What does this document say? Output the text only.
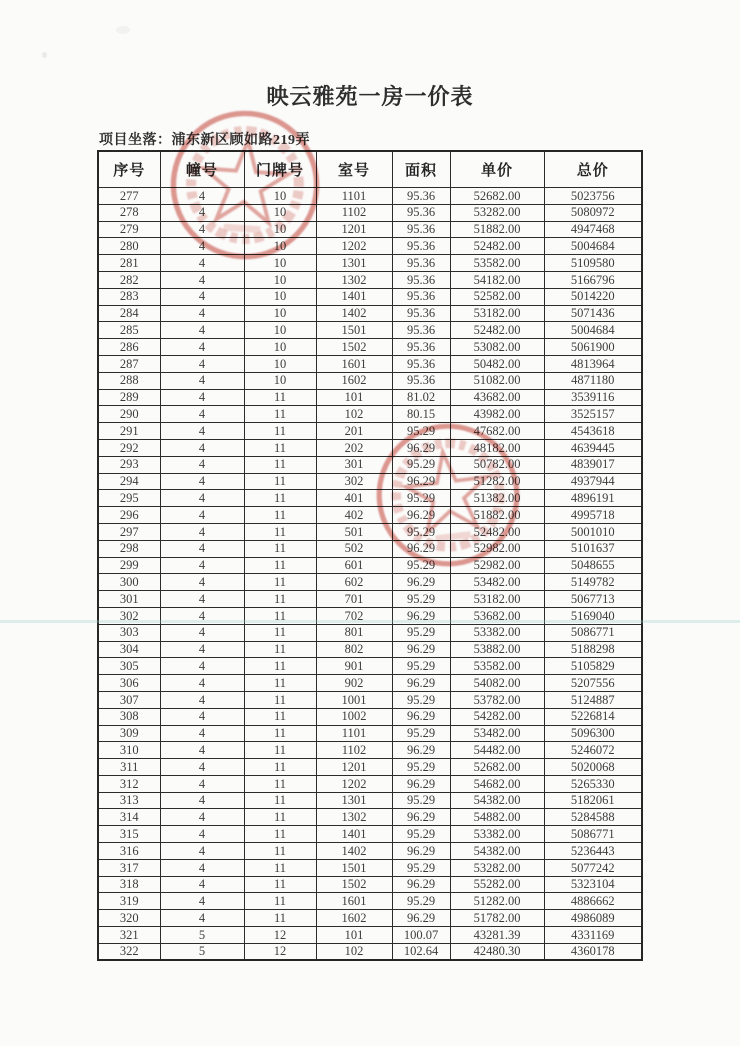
映云雅苑一房一价表
项目坐落：浦东新区顾如路219弄
序号	幢号	门牌号	室号	面积	单价	总价
277	4	10	1101	95.36	52682.00	5023756
278	4	10	1102	95.36	53282.00	5080972
279	4	10	1201	95.36	51882.00	4947468
280	4	10	1202	95.36	52482.00	5004684
281	4	10	1301	95.36	53582.00	5109580
282	4	10	1302	95.36	54182.00	5166796
283	4	10	1401	95.36	52582.00	5014220
284	4	10	1402	95.36	53182.00	5071436
285	4	10	1501	95.36	52482.00	5004684
286	4	10	1502	95.36	53082.00	5061900
287	4	10	1601	95.36	50482.00	4813964
288	4	10	1602	95.36	51082.00	4871180
289	4	11	101	81.02	43682.00	3539116
290	4	11	102	80.15	43982.00	3525157
291	4	11	201	95.29	47682.00	4543618
292	4	11	202	96.29	48182.00	4639445
293	4	11	301	95.29	50782.00	4839017
294	4	11	302	96.29	51282.00	4937944
295	4	11	401	95.29	51382.00	4896191
296	4	11	402	96.29	51882.00	4995718
297	4	11	501	95.29	52482.00	5001010
298	4	11	502	96.29	52982.00	5101637
299	4	11	601	95.29	52982.00	5048655
300	4	11	602	96.29	53482.00	5149782
301	4	11	701	95.29	53182.00	5067713
302	4	11	702	96.29	53682.00	5169040
303	4	11	801	95.29	53382.00	5086771
304	4	11	802	96.29	53882.00	5188298
305	4	11	901	95.29	53582.00	5105829
306	4	11	902	96.29	54082.00	5207556
307	4	11	1001	95.29	53782.00	5124887
308	4	11	1002	96.29	54282.00	5226814
309	4	11	1101	95.29	53482.00	5096300
310	4	11	1102	96.29	54482.00	5246072
311	4	11	1201	95.29	52682.00	5020068
312	4	11	1202	96.29	54682.00	5265330
313	4	11	1301	95.29	54382.00	5182061
314	4	11	1302	96.29	54882.00	5284588
315	4	11	1401	95.29	53382.00	5086771
316	4	11	1402	96.29	54382.00	5236443
317	4	11	1501	95.29	53282.00	5077242
318	4	11	1502	96.29	55282.00	5323104
319	4	11	1601	95.29	51282.00	4886662
320	4	11	1602	96.29	51782.00	4986089
321	5	12	101	100.07	43281.39	4331169
322	5	12	102	102.64	42480.30	4360178
